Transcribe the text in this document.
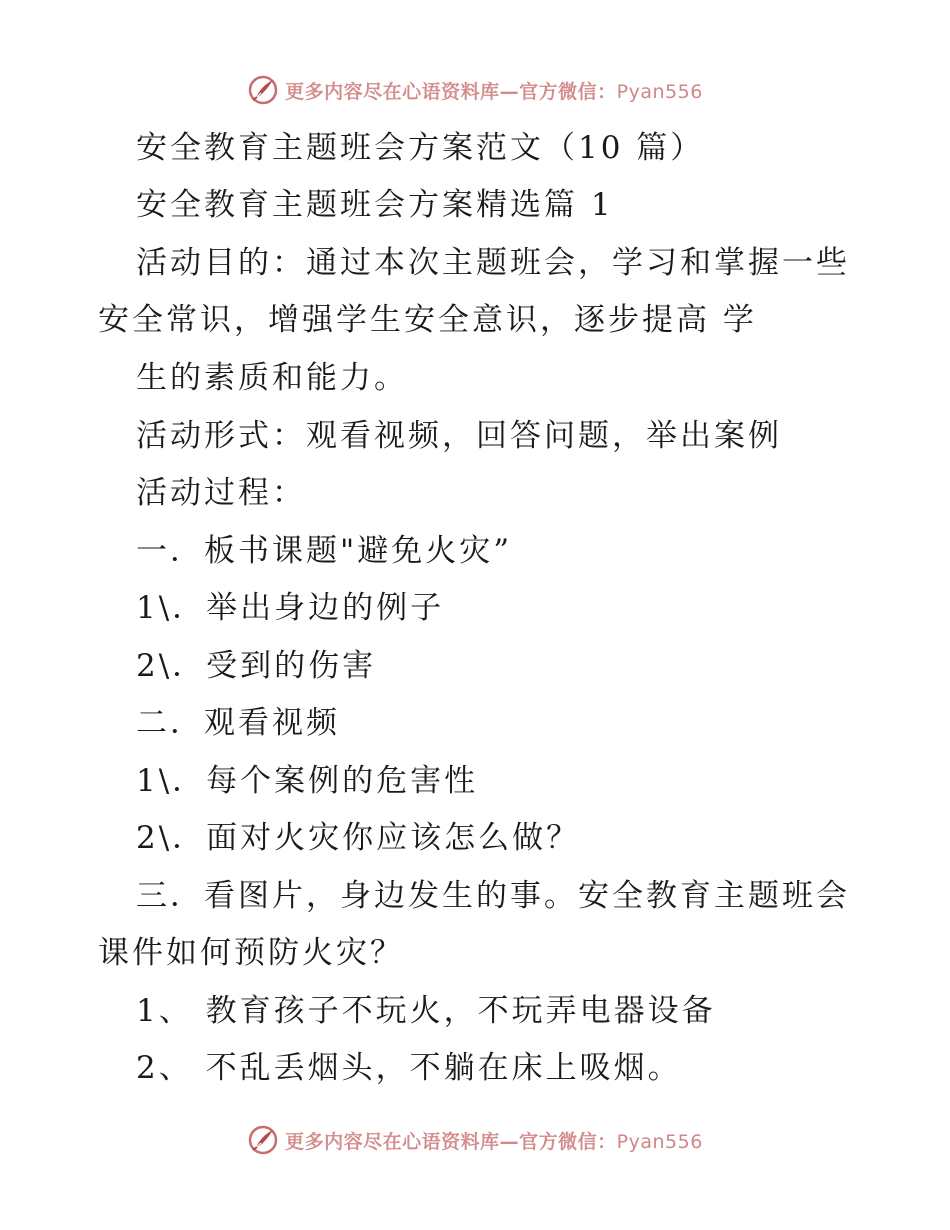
更多内容尽在心语资料库—官方微信：Pyan556
安全教育主题班会方案范文（10 篇）
安全教育主题班会方案精选篇 1
活动目的：通过本次主题班会，学习和掌握一些
安全常识，增强学生安全意识，逐步提高 学
生的素质和能力。
活动形式：观看视频，回答问题，举出案例
活动过程：
一．板书课题"避免火灾”
1\．举出身边的例子
2\．受到的伤害
二．观看视频
1\．每个案例的危害性
2\．面对火灾你应该怎么做？
三．看图片，身边发生的事。安全教育主题班会
课件如何预防火灾？
1、 教育孩子不玩火，不玩弄电器设备
2、 不乱丢烟头，不躺在床上吸烟。
更多内容尽在心语资料库—官方微信：Pyan556
